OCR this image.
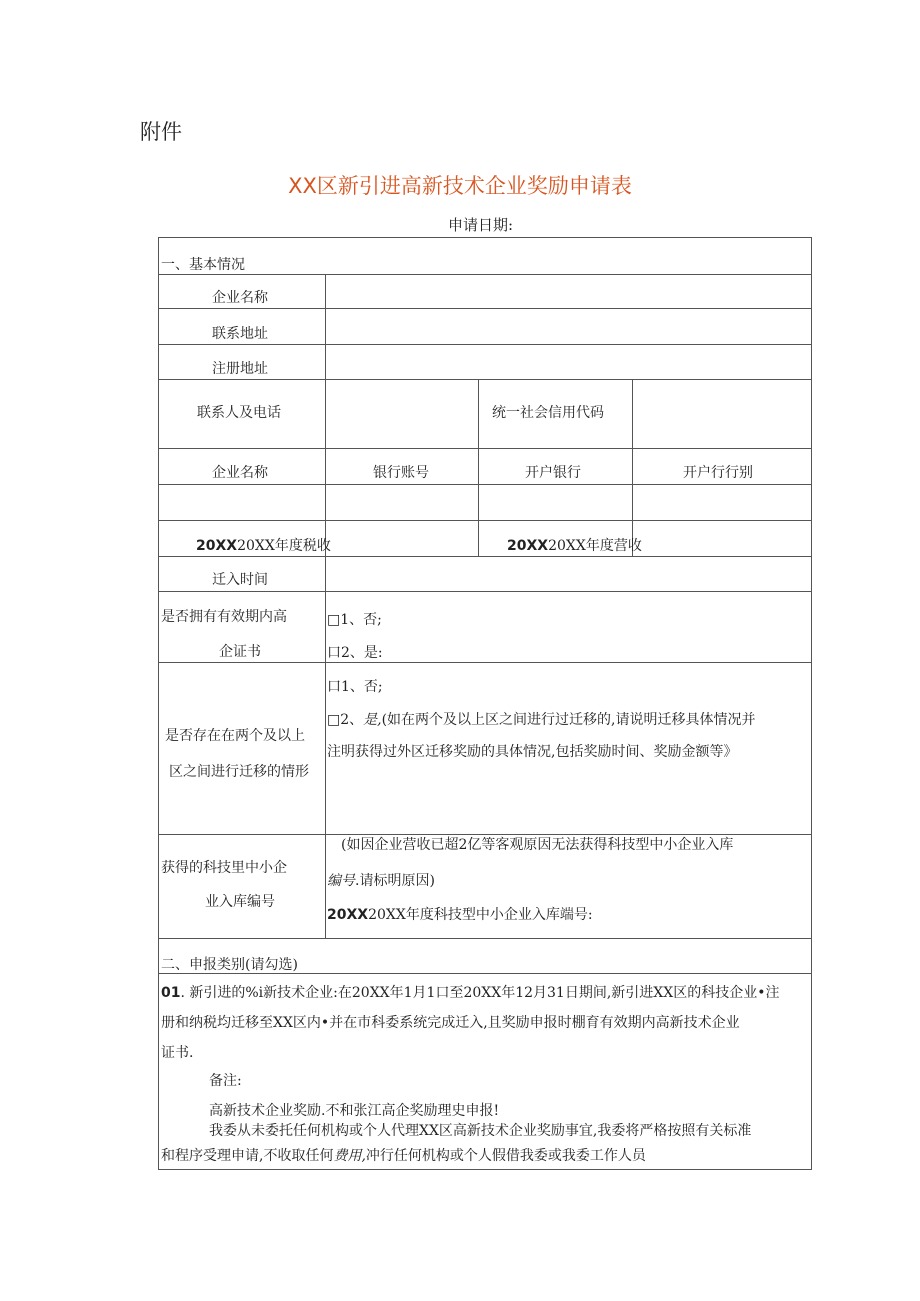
附件
XX区新引进高新技术企业奖励申请表
申请日期:
一、基本情况
企业名称
联系地址
注册地址
联系人及电话	统一社会信用代码
企业名称	银行账号	开户银行	开户行行别
20XX20XX年度税收	20XX20XX年度营收
迁入时间
是否拥有有效期内高
企证书
□1、否;
口2、是:
是否存在在两个及以上
区之间进行迁移的情形
口1、否;
□2、是,(如在两个及以上区之间进行过迁移的,请说明迁移具体情况并
注明获得过外区迁移奖励的具体情况,包括奖励时间、奖励金额等》
获得的科技里中小企
业入库编号
(如因企业营收已超2亿等客观原因无法获得科技型中小企业入库
编号.请标明原因)
20XX20XX年度科技型中小企业入库端号:
二、申报类别(请勾选)
01. 新引进的%i新技术企业:在20XX年1月1口至20XX年12月31日期间,新引进XX区的科技企业•注
册和纳税均迁移至XX区内•并在巿科委系统完成迁入,且奖励申报时棚育有效期内高新技术企业
证书.
备注:
高新技术企业奖励.不和张江高企奖励理史申报!
我委从未委托任何机构或个人代理XX区高新技术企业奖励事宜,我委将严格按照有关标准
和程序受理申请,不收取任何费用,冲行任何机构或个人假借我委或我委工作人员
